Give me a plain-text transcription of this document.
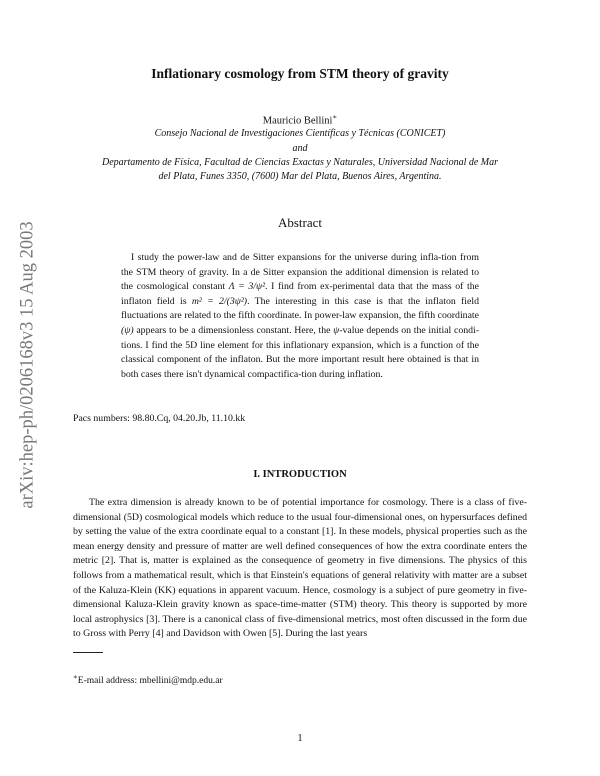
arXiv:hep-ph/0206168v3 15 Aug 2003
Inflationary cosmology from STM theory of gravity
Mauricio Bellini∗
Consejo Nacional de Investigaciones Científicas y Técnicas (CONICET)
and
Departamento de Física, Facultad de Ciencias Exactas y Naturales, Universidad Nacional de Mar
del Plata, Funes 3350, (7600) Mar del Plata, Buenos Aires, Argentina.
Abstract
I study the power-law and de Sitter expansions for the universe during infla-tion from the STM theory of gravity. In a de Sitter expansion the additional dimension is related to the cosmological constant Λ = 3/ψ². I find from ex-perimental data that the mass of the inflaton field is m² = 2/(3ψ²). The interesting in this case is that the inflaton field fluctuations are related to the fifth coordinate. In power-law expansion, the fifth coordinate (ψ) appears to be a dimensionless constant. Here, the ψ-value depends on the initial condi-tions. I find the 5D line element for this inflationary expansion, which is a function of the classical component of the inflaton. But the more important result here obtained is that in both cases there isn't dynamical compactifica-tion during inflation.
Pacs numbers: 98.80.Cq, 04.20.Jb, 11.10.kk
I. INTRODUCTION
The extra dimension is already known to be of potential importance for cosmology. There is a class of five-dimensional (5D) cosmological models which reduce to the usual four-dimensional ones, on hypersurfaces defined by setting the value of the extra coordinate equal to a constant [1]. In these models, physical properties such as the mean energy density and pressure of matter are well defined consequences of how the extra coordinate enters the metric [2]. That is, matter is explained as the consequence of geometry in five dimensions. The physics of this follows from a mathematical result, which is that Einstein's equations of general relativity with matter are a subset of the Kaluza-Klein (KK) equations in apparent vacuum. Hence, cosmology is a subject of pure geometry in five-dimensional Kaluza-Klein gravity known as space-time-matter (STM) theory. This theory is supported by more local astrophysics [3]. There is a canonical class of five-dimensional metrics, most often discussed in the form due to Gross with Perry [4] and Davidson with Owen [5]. During the last years
∗E-mail address: mbellini@mdp.edu.ar
1
